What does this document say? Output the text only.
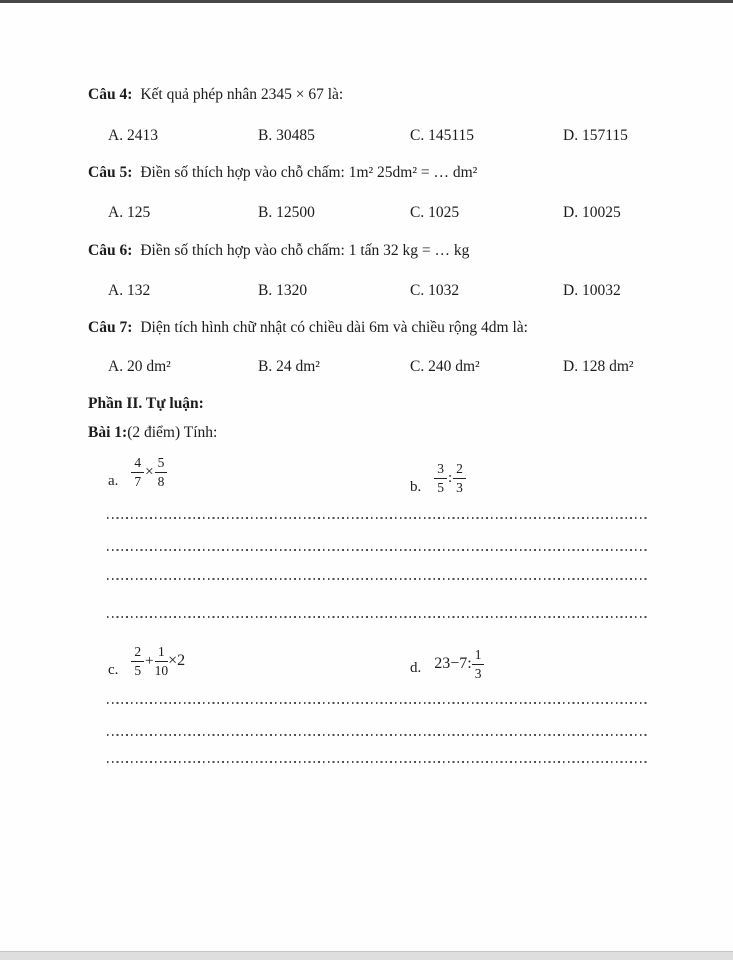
Câu 4: Kết quả phép nhân 2345 × 67 là:
A. 2413	B. 30485	C. 145115	D. 157115
Câu 5: Điền số thích hợp vào chỗ chấm: 1m² 25dm² = … dm²
A. 125	B. 12500	C. 1025	D. 10025
Câu 6: Điền số thích hợp vào chỗ chấm: 1 tấn 32 kg = … kg
A. 132	B. 1320	C. 1032	D. 10032
Câu 7: Diện tích hình chữ nhật có chiều dài 6m và chiều rộng 4dm là:
A. 20 dm²	B. 24 dm²	C. 240 dm²	D. 128 dm²
Phần II. Tự luận:
Bài 1:(2 điểm) Tính:
a. $\frac{4}{7} \times \frac{5}{8}$	b. $\frac{3}{5}$ : $\frac{2}{3}$
c. $\frac{2}{5} + \frac{1}{10} \times 2$	d. 23−7: $\frac{1}{3}$
